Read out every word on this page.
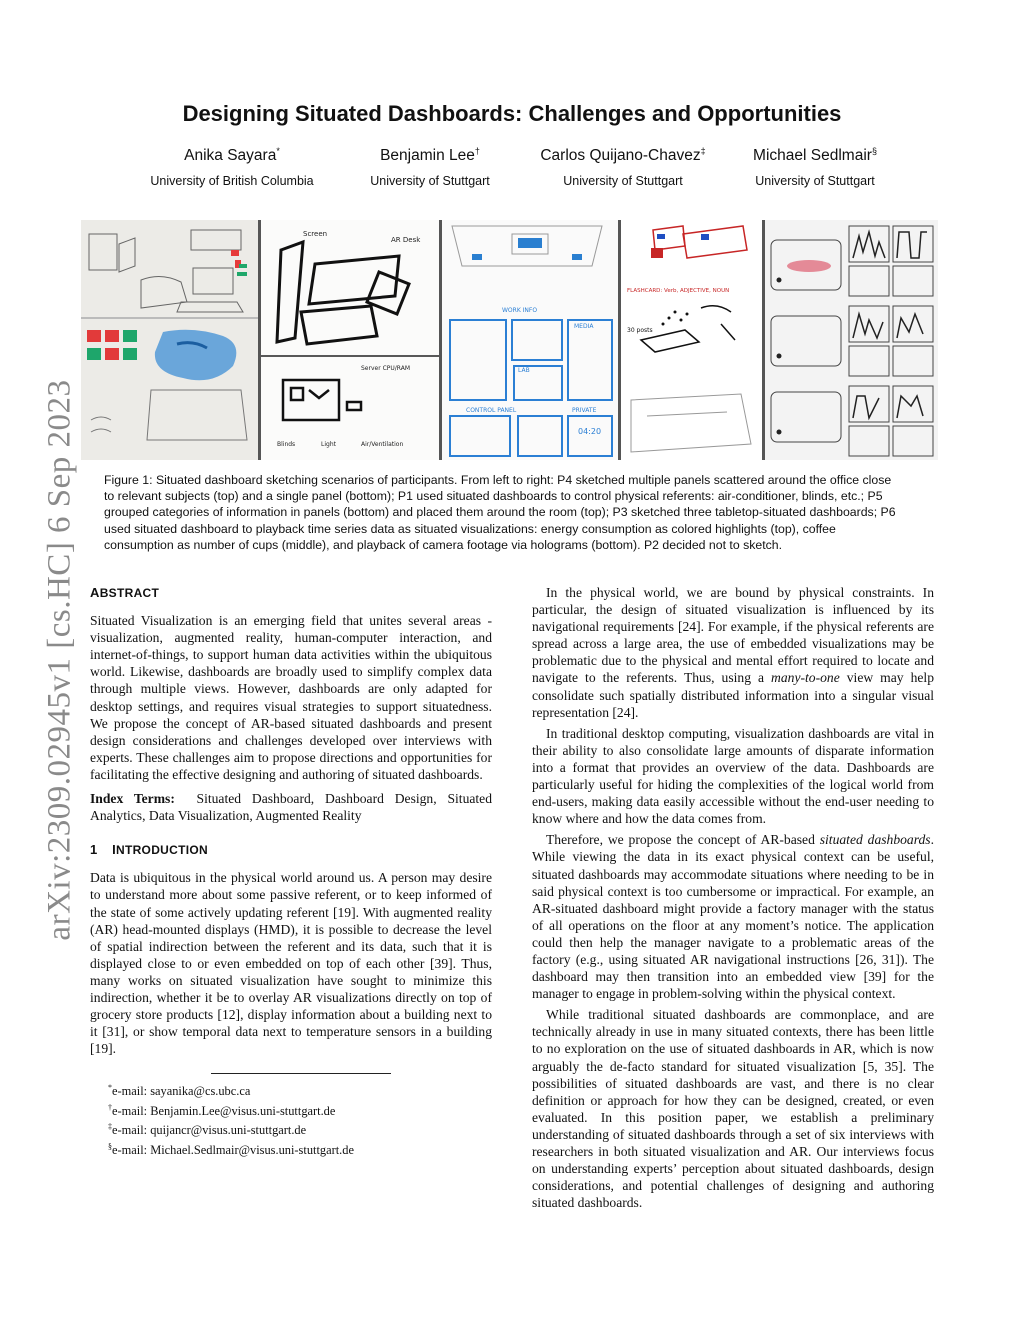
arXiv:2309.02945v1 [cs.HC] 6 Sep 2023
Designing Situated Dashboards: Challenges and Opportunities
Anika Sayara*
University of British Columbia
Benjamin Lee†
University of Stuttgart
Carlos Quijano-Chavez‡
University of Stuttgart
Michael Sedlmair§
University of Stuttgart
Screen
AR Desk
Server CPU/RAM
Blinds	Light	Air/Ventilation
WORK INFO
MEDIA
LAB
CONTROL PANEL	PRIVATE
04:20
FLASHCARD: Verb, ADJECTIVE, NOUN
30 posts
Figure 1: Situated dashboard sketching scenarios of participants. From left to right: P4 sketched multiple panels scattered around the office close to relevant subjects (top) and a single panel (bottom); P1 used situated dashboards to control physical referents: air-conditioner, blinds, etc.; P5 grouped categories of information in panels (bottom) and placed them around the room (top); P3 sketched three tabletop-situated dashboards; P6 used situated dashboard to playback time series data as situated visualizations: energy consumption as colored highlights (top), coffee consumption as number of cups (middle), and playback of camera footage via holograms (bottom). P2 decided not to sketch.
ABSTRACT

Situated Visualization is an emerging field that unites several areas - visualization, augmented reality, human-computer interaction, and internet-of-things, to support human data activities within the ubiquitous world. Likewise, dashboards are broadly used to simplify complex data through multiple views. However, dashboards are only adapted for desktop settings, and requires visual strategies to support situatedness. We propose the concept of AR-based situated dashboards and present design considerations and challenges developed over interviews with experts. These challenges aim to propose directions and opportunities for facilitating the effective designing and authoring of situated dashboards.

Index Terms: Situated Dashboard, Dashboard Design, Situated Analytics, Data Visualization, Augmented Reality

1 INTRODUCTION

Data is ubiquitous in the physical world around us. A person may desire to understand more about some passive referent, or to keep informed of the state of some actively updating referent [19]. With augmented reality (AR) head-mounted displays (HMD), it is possible to decrease the level of spatial indirection between the referent and its data, such that it is displayed close to or even embedded on top of each other [39]. Thus, many works on situated visualization have sought to minimize this indirection, whether it be to overlay AR visualizations directly on top of grocery store products [12], display information about a building next to it [31], or show temporal data next to temperature sensors in a building [19].

*e-mail: sayanika@cs.ubc.ca
†e-mail: Benjamin.Lee@visus.uni-stuttgart.de
‡e-mail: quijancr@visus.uni-stuttgart.de
§e-mail: Michael.Sedlmair@visus.uni-stuttgart.de

In the physical world, we are bound by physical constraints. In particular, the design of situated visualization is influenced by its navigational requirements [24]. For example, if the physical referents are spread across a large area, the use of embedded visualizations may be problematic due to the physical and mental effort required to locate and navigate to the referents. Thus, using a many-to-one view may help consolidate such spatially distributed information into a singular visual representation [24].

In traditional desktop computing, visualization dashboards are vital in their ability to also consolidate large amounts of disparate information into a format that provides an overview of the data. Dashboards are particularly useful for hiding the complexities of the logical world from end-users, making data easily accessible without the end-user needing to know where and how the data comes from.

Therefore, we propose the concept of AR-based situated dashboards. While viewing the data in its exact physical context can be useful, situated dashboards may accommodate situations where needing to be in said physical context is too cumbersome or impractical. For example, an AR-situated dashboard might provide a factory manager with the status of all operations on the floor at any moment’s notice. The application could then help the manager navigate to a problematic areas of the factory (e.g., using situated AR navigational instructions [26, 31]). The dashboard may then transition into an embedded view [39] for the manager to engage in problem-solving within the physical context.

While traditional situated dashboards are commonplace, and are technically already in use in many situated contexts, there has been little to no exploration on the use of situated dashboards in AR, which is now arguably the de-facto standard for situated visualization [5, 35]. The possibilities of situated dashboards are vast, and there is no clear definition or approach for how they can be designed, created, or even evaluated. In this position paper, we establish a preliminary understanding of situated dashboards through a set of six interviews with researchers in both situated visualization and AR. Our interviews focus on understanding experts’ perception about situated dashboards, design considerations, and potential challenges of designing and authoring situated dashboards.
